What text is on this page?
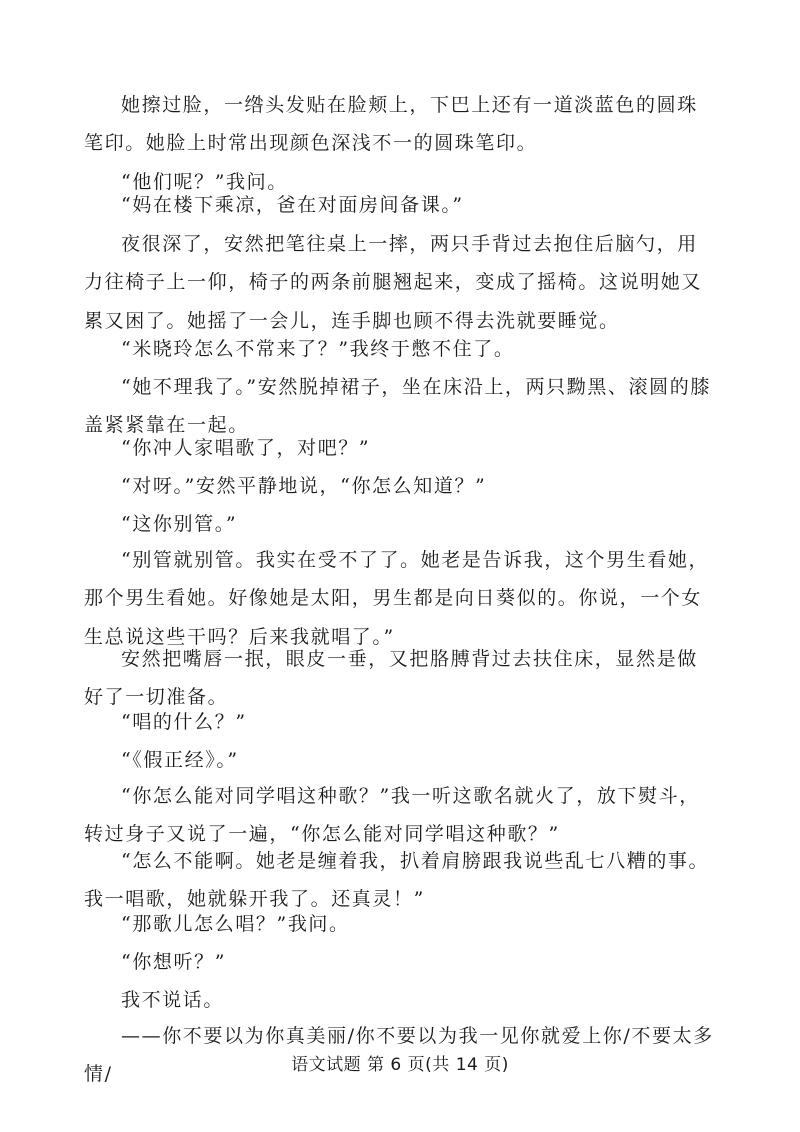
她擦过脸，一绺头发贴在脸颊上，下巴上还有一道淡蓝色的圆珠笔印。她脸上时常出现颜色深浅不一的圆珠笔印。

“他们呢？”我问。

“妈在楼下乘凉，爸在对面房间备课。”

夜很深了，安然把笔往桌上一摔，两只手背过去抱住后脑勺，用力往椅子上一仰，椅子的两条前腿翘起来，变成了摇椅。这说明她又累又困了。她摇了一会儿，连手脚也顾不得去洗就要睡觉。

“米晓玲怎么不常来了？”我终于憋不住了。

“她不理我了。”安然脱掉裙子，坐在床沿上，两只黝黑、滚圆的膝盖紧紧靠在一起。

“你冲人家唱歌了，对吧？”

“对呀。”安然平静地说，“你怎么知道？”

“这你别管。”

“别管就别管。我实在受不了了。她老是告诉我，这个男生看她，那个男生看她。好像她是太阳，男生都是向日葵似的。你说，一个女生总说这些干吗？后来我就唱了。”

安然把嘴唇一抿，眼皮一垂，又把胳膊背过去扶住床，显然是做好了一切准备。

“唱的什么？”

“《假正经》。”

“你怎么能对同学唱这种歌？”我一听这歌名就火了，放下熨斗，转过身子又说了一遍，“你怎么能对同学唱这种歌？”

“怎么不能啊。她老是缠着我，扒着肩膀跟我说些乱七八糟的事。我一唱歌，她就躲开我了。还真灵！”

“那歌儿怎么唱？”我问。

“你想听？”

我不说话。

——你不要以为你真美丽/你不要以为我一见你就爱上你/不要太多情/	语文试题 第 6 页(共 14 页)
